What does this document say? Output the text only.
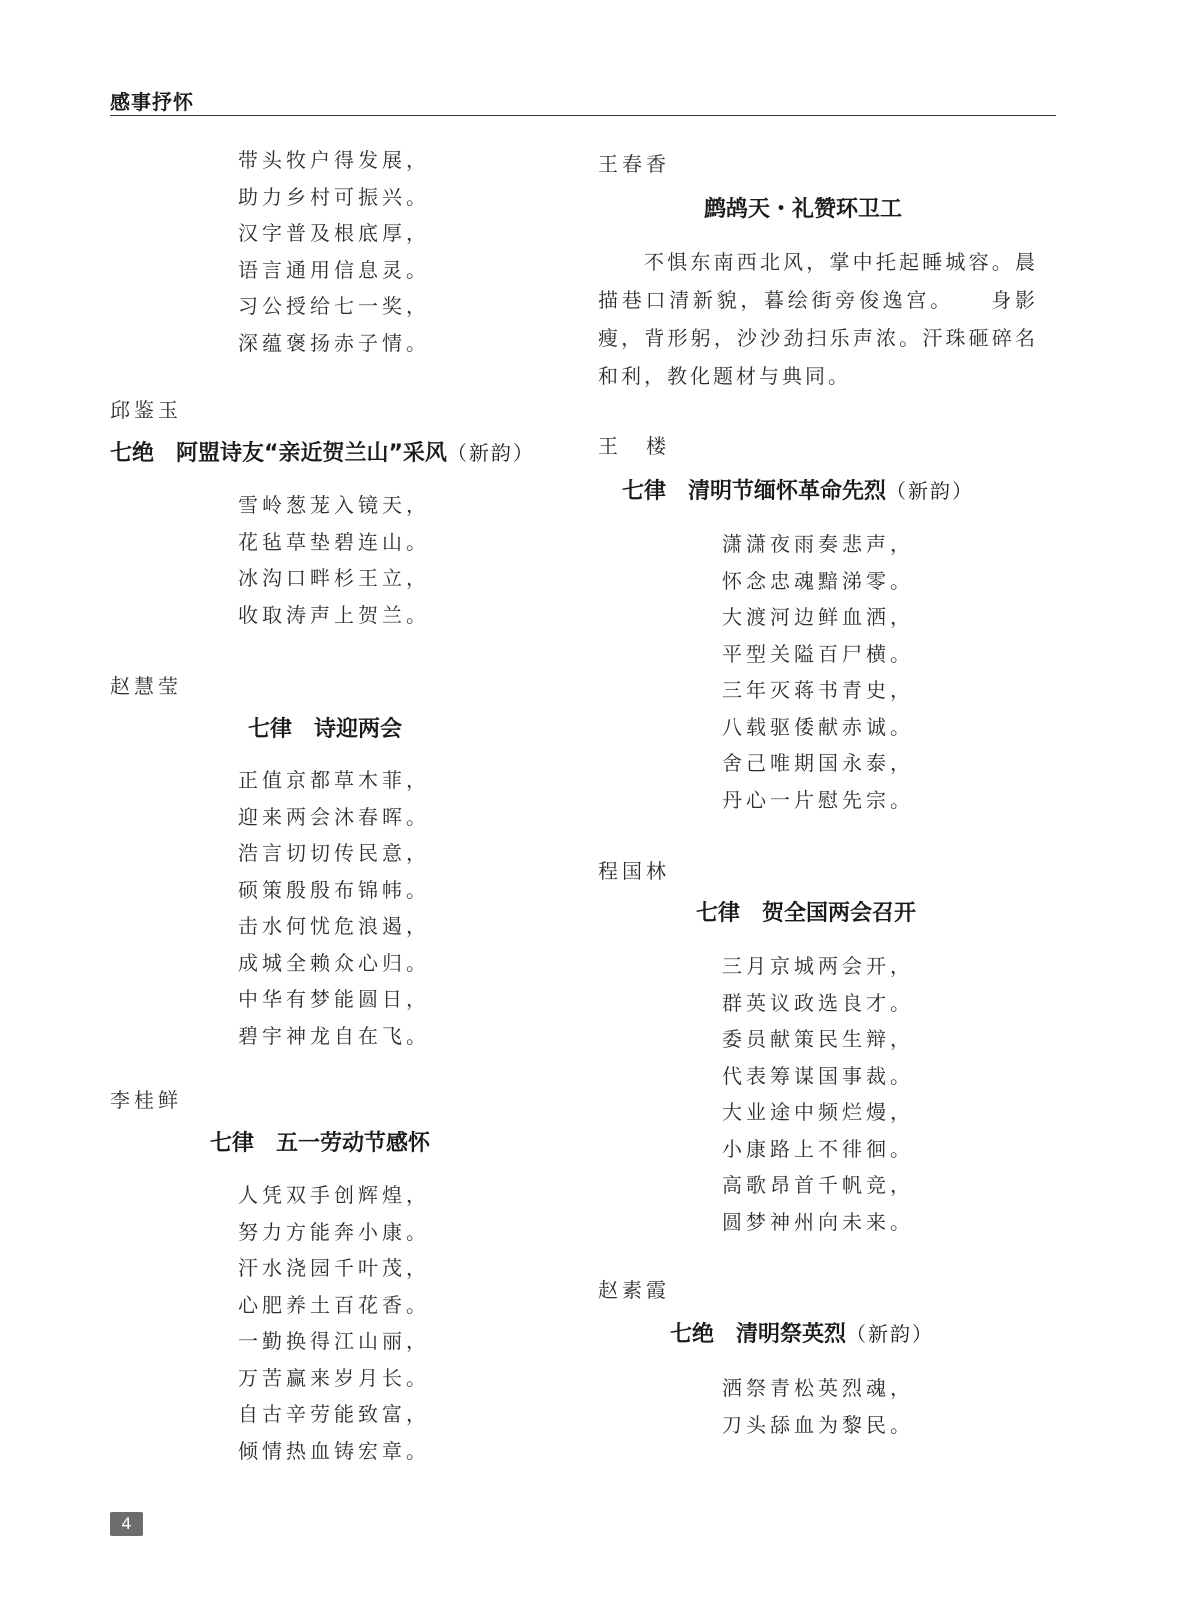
感事抒怀
带头牧户得发展，
助力乡村可振兴。
汉字普及根底厚，
语言通用信息灵。
习公授给七一奖，
深蕴褒扬赤子情。
邱鉴玉
七绝 阿盟诗友“亲近贺兰山”采风（新韵）
雪岭葱茏入镜天，
花毡草垫碧连山。
冰沟口畔杉王立，
收取涛声上贺兰。
赵慧莹
七律 诗迎两会
正值京都草木菲，
迎来两会沐春晖。
浩言切切传民意，
硕策殷殷布锦帏。
击水何忧危浪遏，
成城全赖众心归。
中华有梦能圆日，
碧宇神龙自在飞。
李桂鲜
七律 五一劳动节感怀
人凭双手创辉煌，
努力方能奔小康。
汗水浇园千叶茂，
心肥养土百花香。
一勤换得江山丽，
万苦赢来岁月长。
自古辛劳能致富，
倾情热血铸宏章。
王春香
鹧鸪天・礼赞环卫工
不惧东南西北风，掌中托起睡城容。晨描巷口清新貌，暮绘街旁俊逸宫。　　身影瘦，背形躬，沙沙劲扫乐声浓。汗珠砸碎名和利，教化题材与典同。
王　楼
七律 清明节缅怀革命先烈（新韵）
潇潇夜雨奏悲声，
怀念忠魂黯涕零。
大渡河边鲜血洒，
平型关隘百尸横。
三年灭蒋书青史，
八载驱倭献赤诚。
舍己唯期国永泰，
丹心一片慰先宗。
程国林
七律 贺全国两会召开
三月京城两会开，
群英议政选良才。
委员献策民生辩，
代表筹谋国事裁。
大业途中频烂熳，
小康路上不徘徊。
高歌昂首千帆竞，
圆梦神州向未来。
赵素霞
七绝 清明祭英烈（新韵）
洒祭青松英烈魂，
刀头舔血为黎民。
4
